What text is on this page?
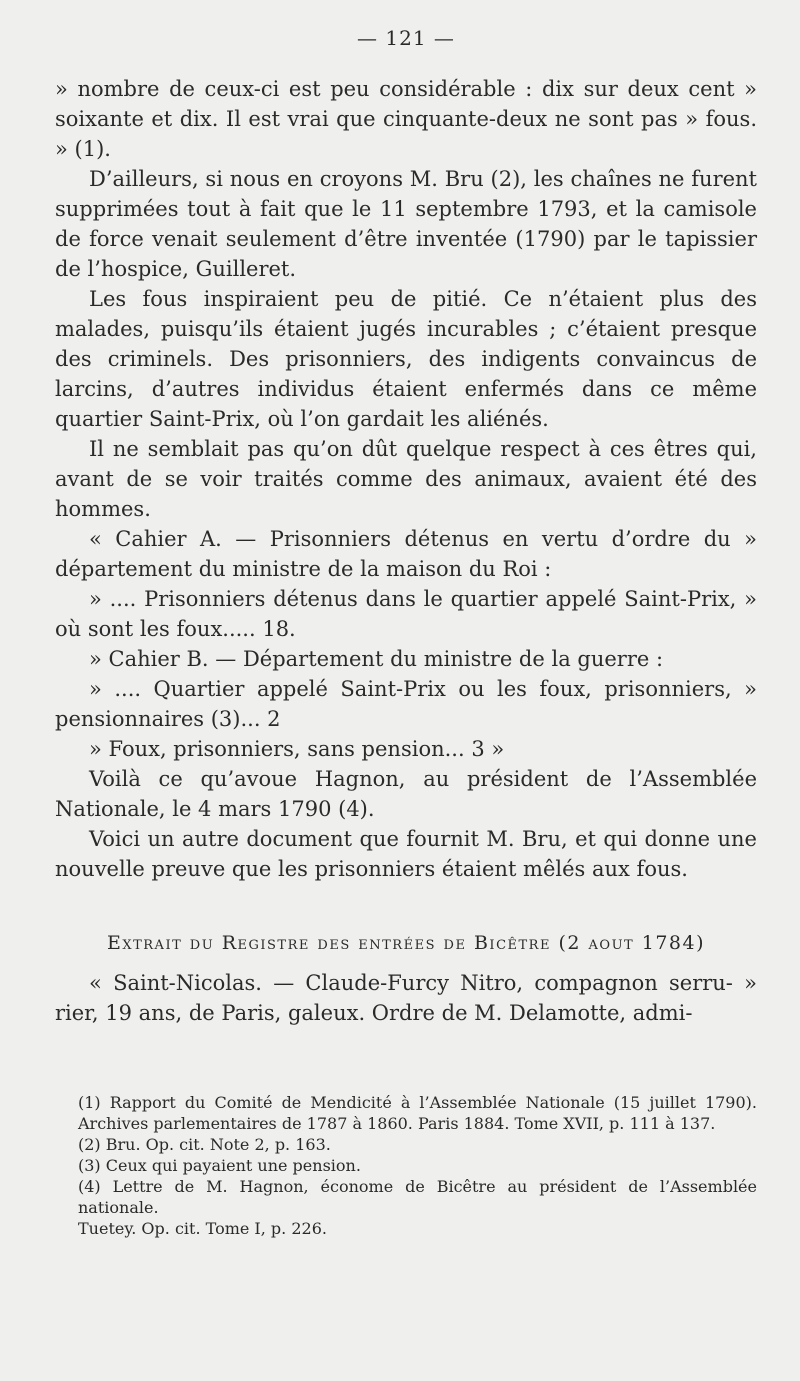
— 121 —

» nombre de ceux-ci est peu considérable : dix sur deux cent » soixante et dix. Il est vrai que cinquante-deux ne sont pas » fous. » (1).

D’ailleurs, si nous en croyons M. Bru (2), les chaînes ne furent supprimées tout à fait que le 11 septembre 1793, et la camisole de force venait seulement d’être inventée (1790) par le tapissier de l’hospice, Guilleret.

Les fous inspiraient peu de pitié. Ce n’étaient plus des malades, puisqu’ils étaient jugés incurables ; c’étaient presque des criminels. Des prisonniers, des indigents convaincus de larcins, d’autres individus étaient enfermés dans ce même quartier Saint-Prix, où l’on gardait les aliénés.

Il ne semblait pas qu’on dût quelque respect à ces êtres qui, avant de se voir traités comme des animaux, avaient été des hommes.

« Cahier A. — Prisonniers détenus en vertu d’ordre du » département du ministre de la maison du Roi :

» .... Prisonniers détenus dans le quartier appelé Saint-Prix, » où sont les foux..... 18.

» Cahier B. — Département du ministre de la guerre :

» .... Quartier appelé Saint-Prix ou les foux, prisonniers, » pensionnaires (3)... 2

» Foux, prisonniers, sans pension... 3 »

Voilà ce qu’avoue Hagnon, au président de l’Assemblée Nationale, le 4 mars 1790 (4).

Voici un autre document que fournit M. Bru, et qui donne une nouvelle preuve que les prisonniers étaient mêlés aux fous.

Extrait du Registre des entrées de Bicêtre (2 aout 1784)

« Saint-Nicolas. — Claude-Furcy Nitro, compagnon serru- » rier, 19 ans, de Paris, galeux. Ordre de M. Delamotte, admi-

(1) Rapport du Comité de Mendicité à l’Assemblée Nationale (15 juillet 1790). Archives parlementaires de 1787 à 1860. Paris 1884. Tome XVII, p. 111 à 137.

(2) Bru. Op. cit. Note 2, p. 163.

(3) Ceux qui payaient une pension.

(4) Lettre de M. Hagnon, économe de Bicêtre au président de l’Assemblée nationale.

Tuetey. Op. cit. Tome I, p. 226.
